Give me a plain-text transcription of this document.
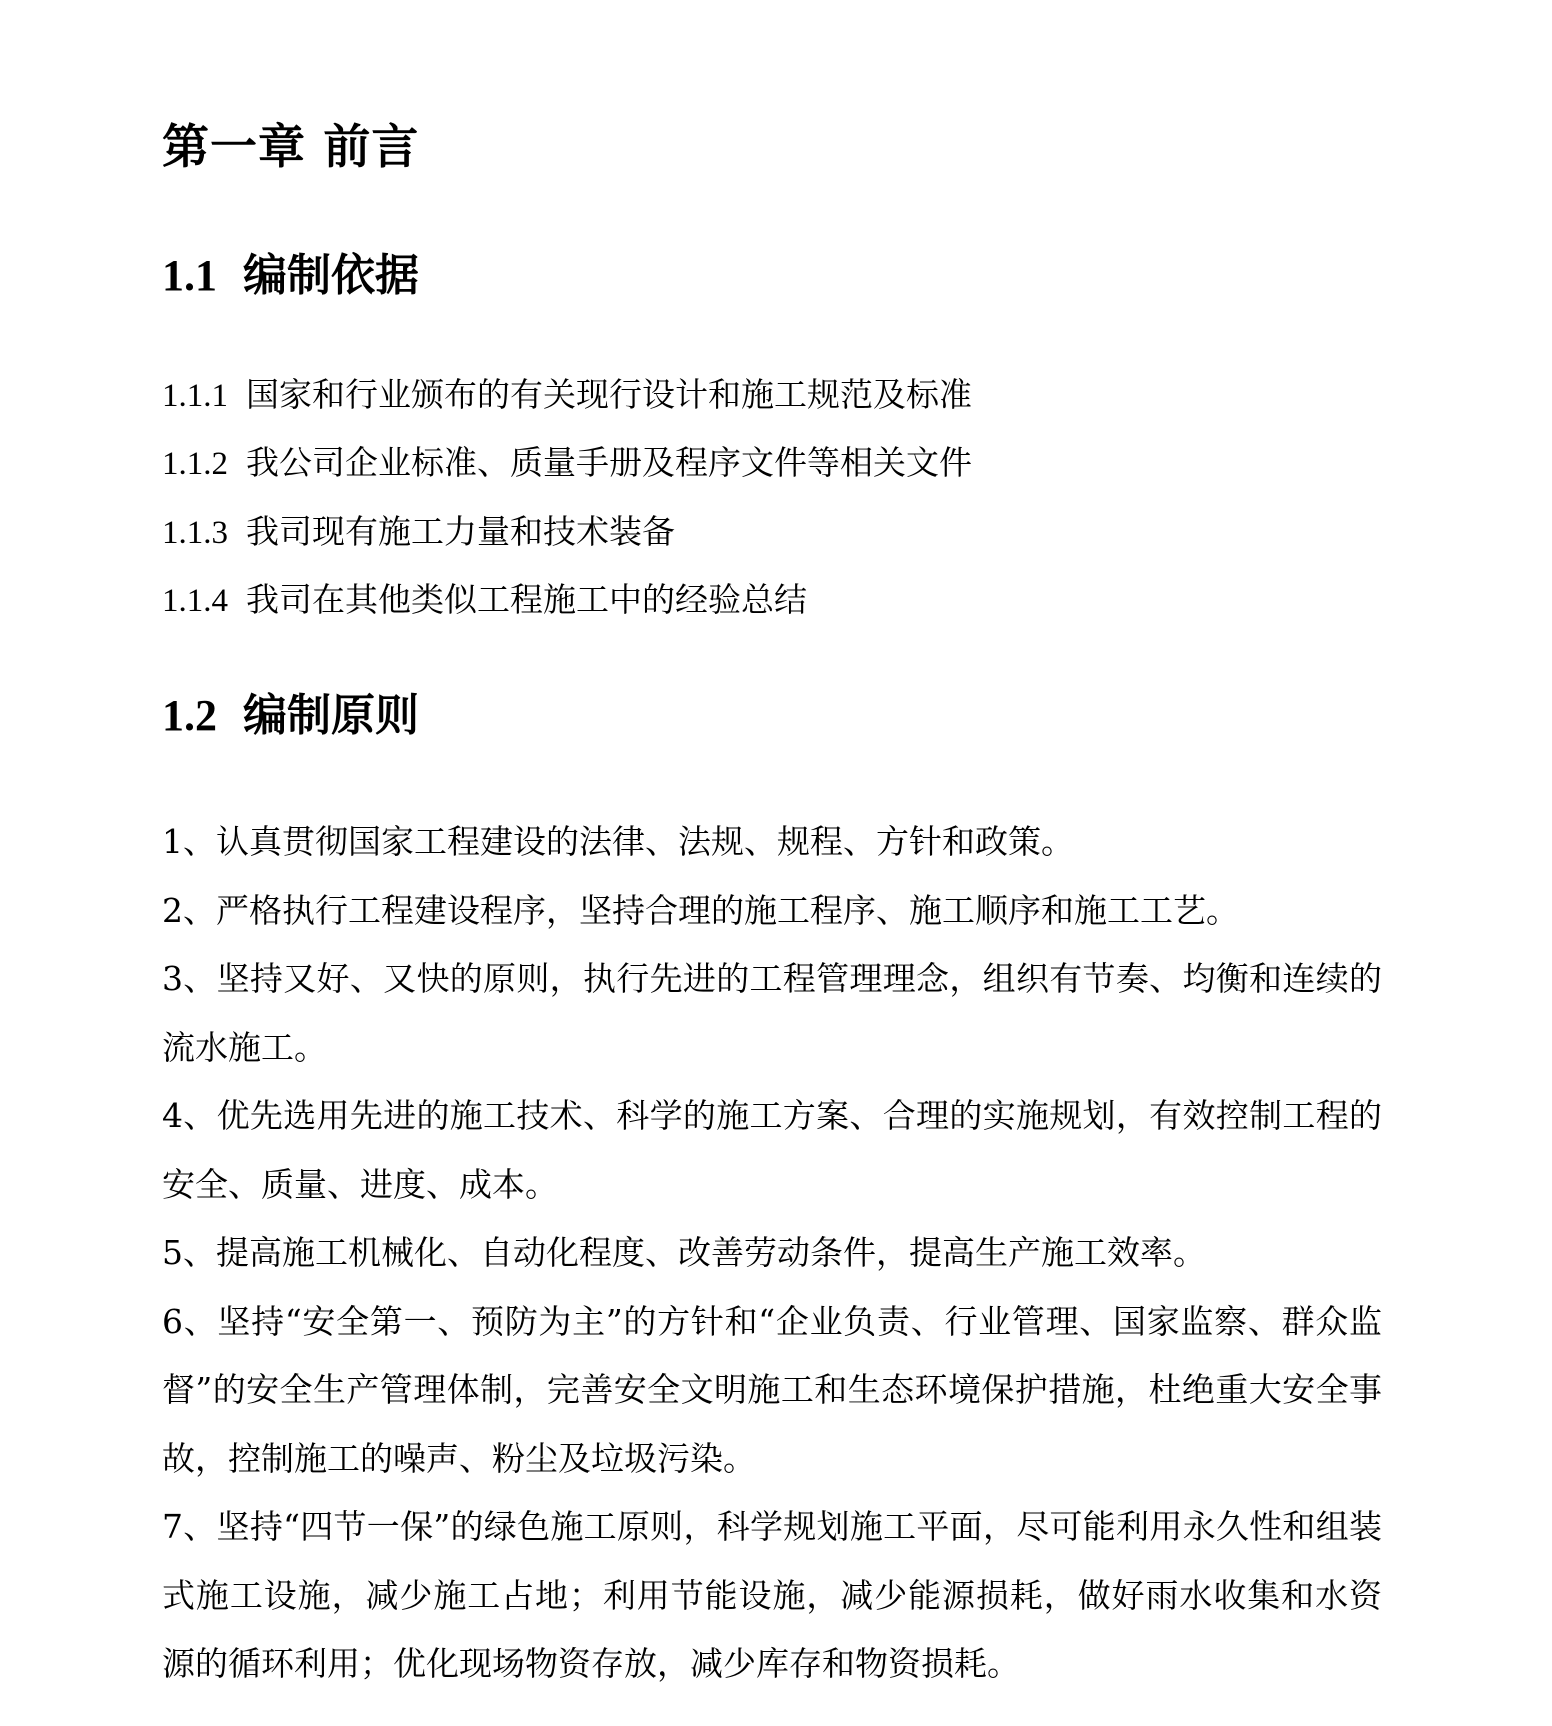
第一章 前言
1.1 编制依据
1.1.1 国家和行业颁布的有关现行设计和施工规范及标准
1.1.2 我公司企业标准、质量手册及程序文件等相关文件
1.1.3 我司现有施工力量和技术装备
1.1.4 我司在其他类似工程施工中的经验总结
1.2 编制原则

1、认真贯彻国家工程建设的法律、法规、规程、方针和政策。

2、严格执行工程建设程序，坚持合理的施工程序、施工顺序和施工工艺。

3、坚持又好、又快的原则，执行先进的工程管理理念，组织有节奏、均衡和连续的流水施工。

4、优先选用先进的施工技术、科学的施工方案、合理的实施规划，有效控制工程的安全、质量、进度、成本。

5、提高施工机械化、自动化程度、改善劳动条件，提高生产施工效率。

6、坚持“安全第一、预防为主”的方针和“企业负责、行业管理、国家监察、群众监督”的安全生产管理体制，完善安全文明施工和生态环境保护措施，杜绝重大安全事故，控制施工的噪声、粉尘及垃圾污染。

7、坚持“四节一保”的绿色施工原则，科学规划施工平面，尽可能利用永久性和组装式施工设施，减少施工占地；利用节能设施，减少能源损耗，做好雨水收集和水资源的循环利用；优化现场物资存放，减少库存和物资损耗。
